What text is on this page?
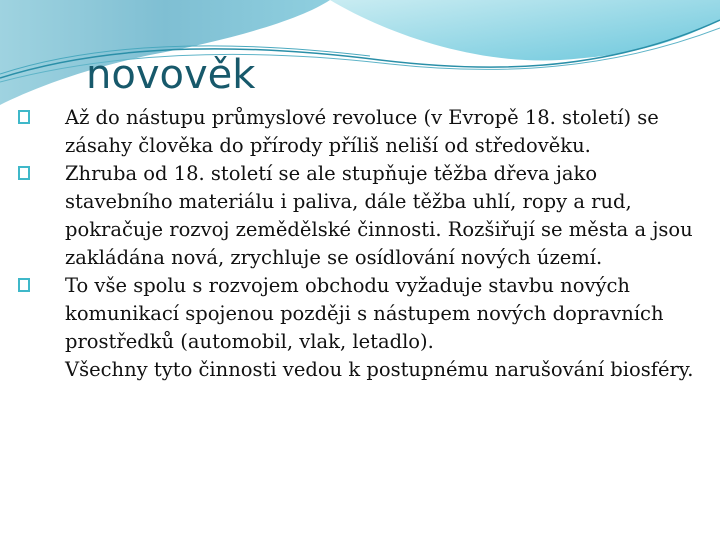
novověk

Až do nástupu průmyslové revoluce (v Evropě 18. století) se zásahy člověka do přírody příliš neliší od středověku.

Zhruba od 18. století se ale stupňuje těžba dřeva jako stavebního materiálu i paliva, dále těžba uhlí, ropy a rud, pokračuje rozvoj zemědělské činnosti. Rozšiřují se města a jsou zakládána nová, zrychluje se osídlování nových území.

To vše spolu s rozvojem obchodu vyžaduje stavbu nových komunikací spojenou později s nástupem nových dopravních prostředků (automobil, vlak, letadlo).

Všechny tyto činnosti vedou k postupnému narušování biosféry.
